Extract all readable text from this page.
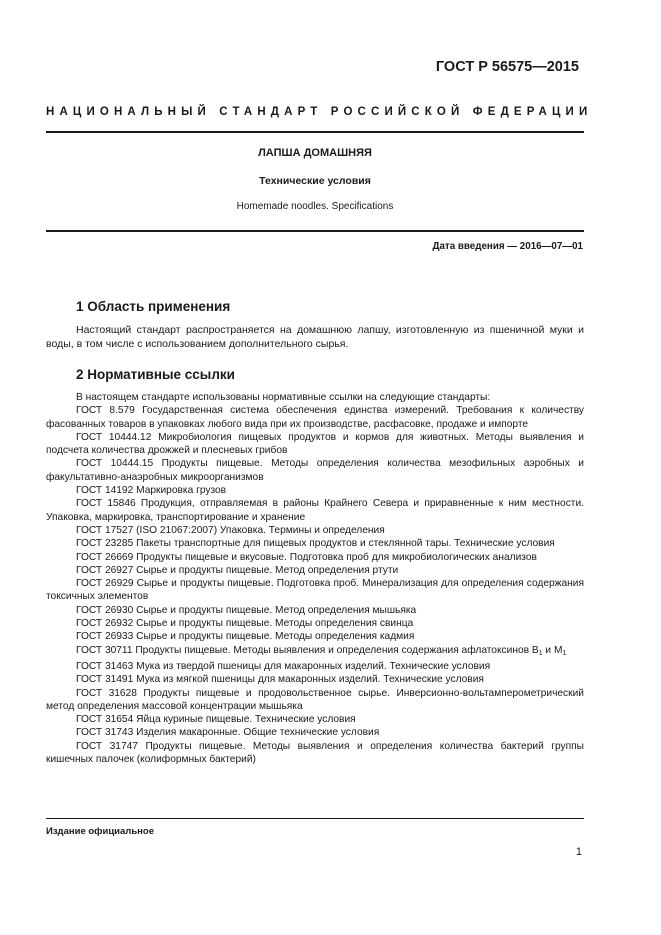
ГОСТ Р 56575—2015
НАЦИОНАЛЬНЫЙ СТАНДАРТ РОССИЙСКОЙ ФЕДЕРАЦИИ
ЛАПША ДОМАШНЯЯ
Технические условия
Homemade noodles. Specifications
Дата введения — 2016—07—01
1 Область применения
Настоящий стандарт распространяется на домашнюю лапшу, изготовленную из пшеничной муки и воды, в том числе с использованием дополнительного сырья.
2 Нормативные ссылки
В настоящем стандарте использованы нормативные ссылки на следующие стандарты:
ГОСТ 8.579 Государственная система обеспечения единства измерений. Требования к количеству фасованных товаров в упаковках любого вида при их производстве, расфасовке, продаже и импорте
ГОСТ 10444.12 Микробиология пищевых продуктов и кормов для животных. Методы выявления и подсчета количества дрожжей и плесневых грибов
ГОСТ 10444.15 Продукты пищевые. Методы определения количества мезофильных аэробных и факультативно-анаэробных микроорганизмов
ГОСТ 14192 Маркировка грузов
ГОСТ 15846 Продукция, отправляемая в районы Крайнего Севера и приравненные к ним местности. Упаковка, маркировка, транспортирование и хранение
ГОСТ 17527 (ISO 21067:2007) Упаковка. Термины и определения
ГОСТ 23285 Пакеты транспортные для пищевых продуктов и стеклянной тары. Технические условия
ГОСТ 26669 Продукты пищевые и вкусовые. Подготовка проб для микробиологических анализов
ГОСТ 26927 Сырье и продукты пищевые. Метод определения ртути
ГОСТ 26929 Сырье и продукты пищевые. Подготовка проб. Минерализация для определения содержания токсичных элементов
ГОСТ 26930 Сырье и продукты пищевые. Метод определения мышьяка
ГОСТ 26932 Сырье и продукты пищевые. Методы определения свинца
ГОСТ 26933 Сырье и продукты пищевые. Методы определения кадмия
ГОСТ 30711 Продукты пищевые. Методы выявления и определения содержания афлатоксинов $B_1$ и $M_1$
ГОСТ 31463 Мука из твердой пшеницы для макаронных изделий. Технические условия
ГОСТ 31491 Мука из мягкой пшеницы для макаронных изделий. Технические условия
ГОСТ 31628 Продукты пищевые и продовольственное сырье. Инверсионно-вольтамперометрический метод определения массовой концентрации мышьяка
ГОСТ 31654 Яйца куриные пищевые. Технические условия
ГОСТ 31743 Изделия макаронные. Общие технические условия
ГОСТ 31747 Продукты пищевые. Методы выявления и определения количества бактерий группы кишечных палочек (колиформных бактерий)
Издание официальное
1
